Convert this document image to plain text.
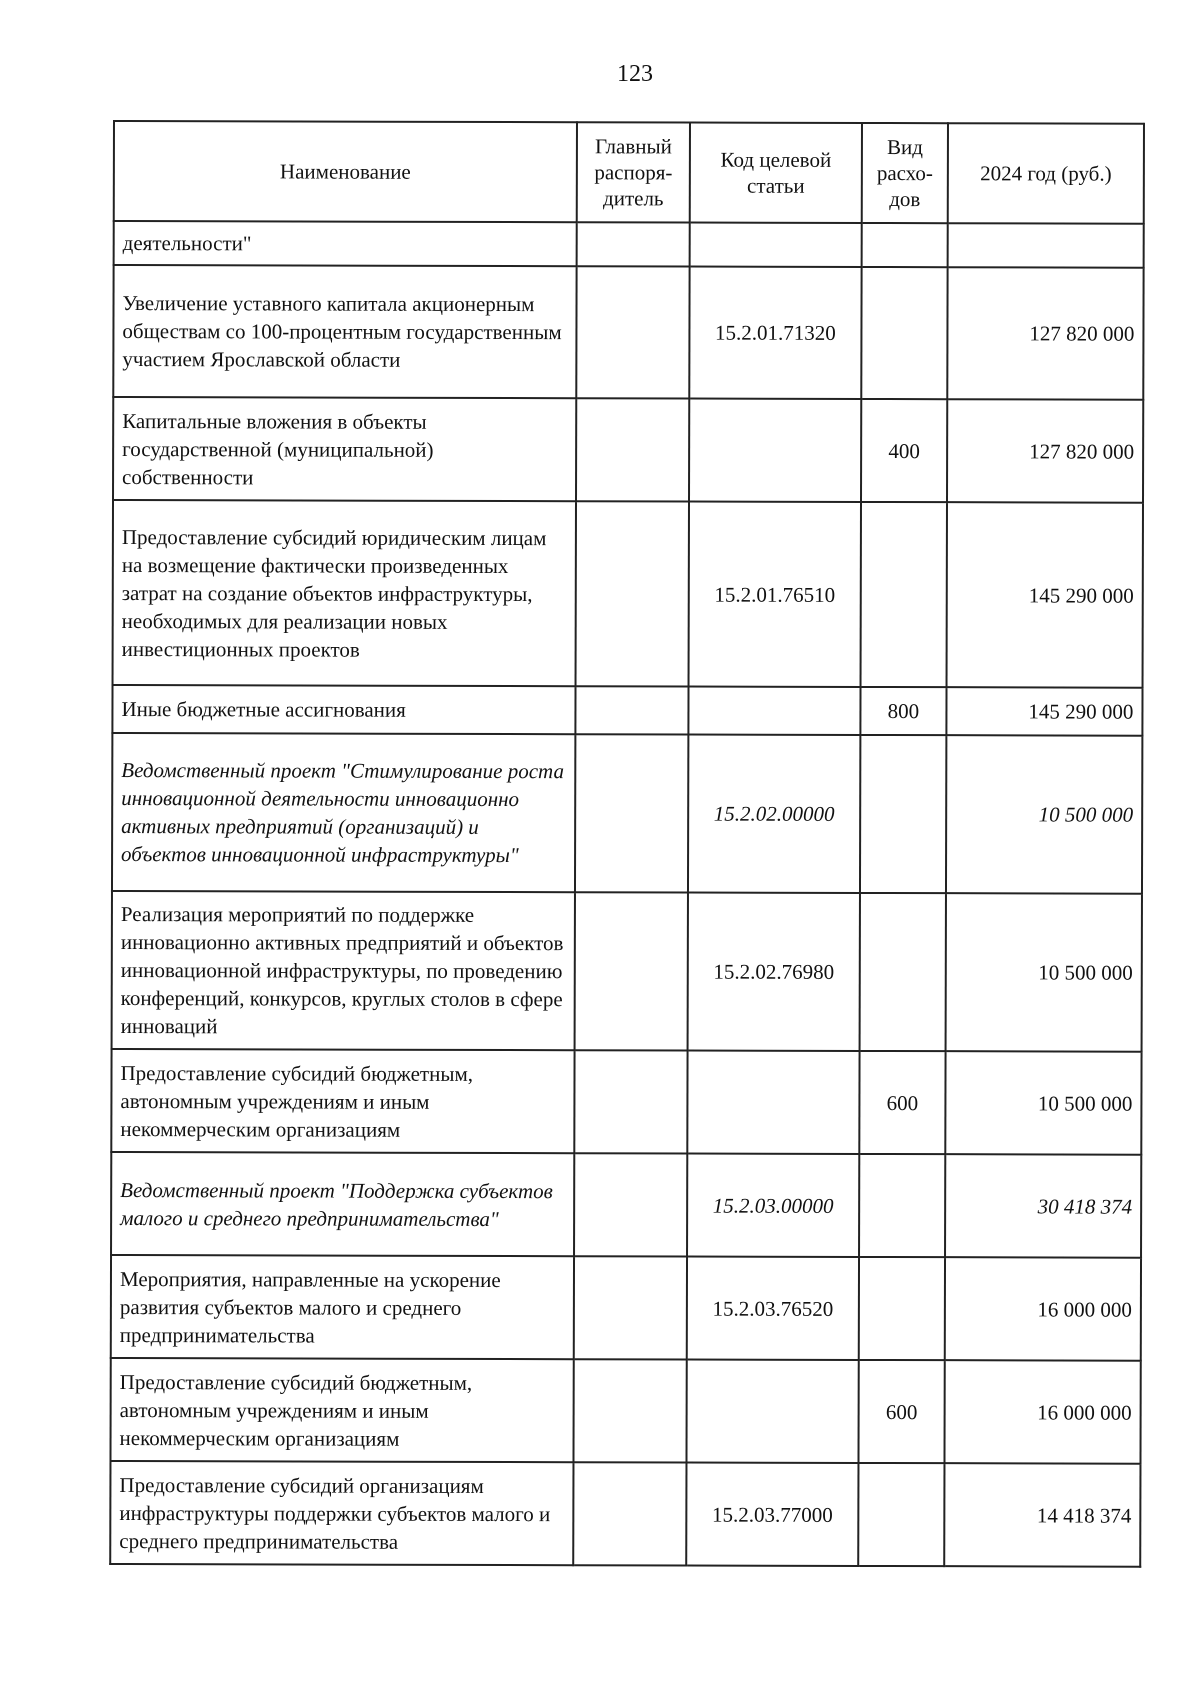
123
Наименование	Главный распоря-дитель	Код целевой статьи	Вид расхо-дов	2024 год (руб.)
деятельности"				
Увеличение уставного капитала акционерным обществам со 100-процентным государственным участием Ярославской области		15.2.01.71320		127 820 000
Капитальные вложения в объекты государственной (муниципальной) собственности			400	127 820 000
Предоставление субсидий юридическим лицам на возмещение фактически произведенных затрат на создание объектов инфраструктуры, необходимых для реализации новых инвестиционных проектов		15.2.01.76510		145 290 000
Иные бюджетные ассигнования			800	145 290 000
Ведомственный проект "Стимулирование роста инновационной деятельности инновационно активных предприятий (организаций) и объектов инновационной инфраструктуры"		15.2.02.00000		10 500 000
Реализация мероприятий по поддержке инновационно активных предприятий и объектов инновационной инфраструктуры, по проведению конференций, конкурсов, круглых столов в сфере инноваций		15.2.02.76980		10 500 000
Предоставление субсидий бюджетным, автономным учреждениям и иным некоммерческим организациям			600	10 500 000
Ведомственный проект "Поддержка субъектов малого и среднего предпринимательства"		15.2.03.00000		30 418 374
Мероприятия, направленные на ускорение развития субъектов малого и среднего предпринимательства		15.2.03.76520		16 000 000
Предоставление субсидий бюджетным, автономным учреждениям и иным некоммерческим организациям			600	16 000 000
Предоставление субсидий организациям инфраструктуры поддержки субъектов малого и среднего предпринимательства		15.2.03.77000		14 418 374
